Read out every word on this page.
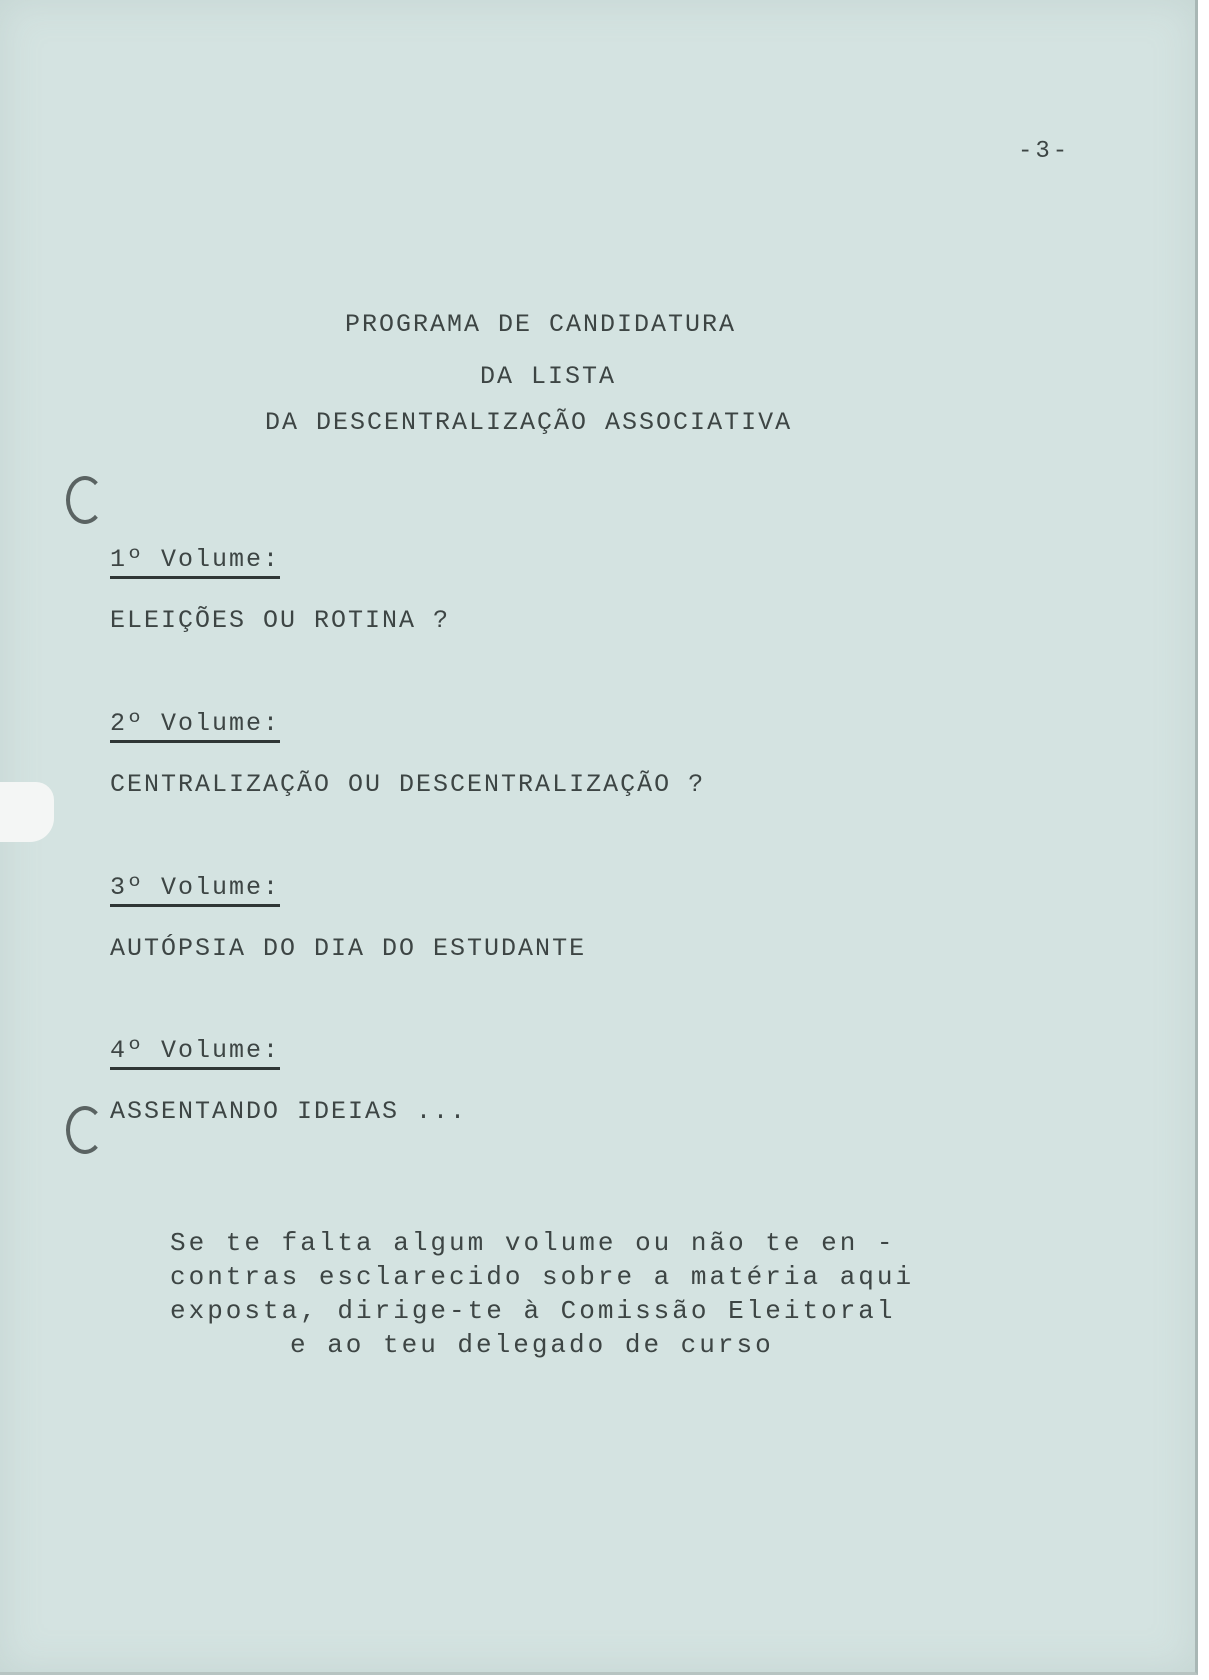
-3-
PROGRAMA DE CANDIDATURA
DA LISTA
DA DESCENTRALIZAÇÃO ASSOCIATIVA
1º Volume:
ELEIÇÕES OU ROTINA ?
2º Volume:
CENTRALIZAÇÃO OU DESCENTRALIZAÇÃO ?
3º Volume:
AUTÓPSIA DO DIA DO ESTUDANTE
4º Volume:
ASSENTANDO IDEIAS ...
Se te falta algum volume ou não te en -
contras esclarecido sobre a matéria aqui
exposta, dirige-te à Comissão Eleitoral
e ao teu delegado de curso
